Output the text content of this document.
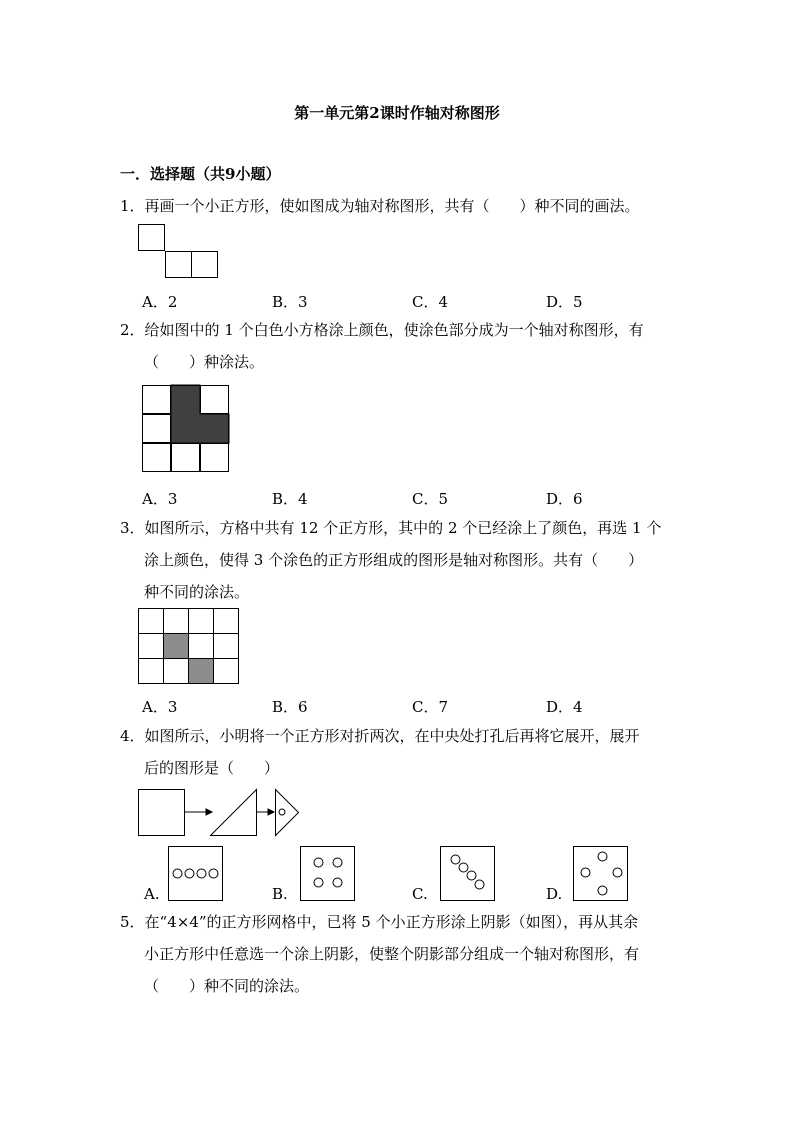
第一单元第2课时作轴对称图形
一．选择题（共9小题）
1．再画一个小正方形，使如图成为轴对称图形，共有（　　）种不同的画法。
A．2	B．3	C．4	D．5
2．给如图中的 1 个白色小方格涂上颜色，使涂色部分成为一个轴对称图形，有
（　　）种涂法。
A．3	B．4	C．5	D．6
3．如图所示，方格中共有 12 个正方形，其中的 2 个已经涂上了颜色，再选 1 个
涂上颜色，使得 3 个涂色的正方形组成的图形是轴对称图形。共有（　　）
种不同的涂法。
A．3	B．6	C．7	D．4
4．如图所示，小明将一个正方形对折两次，在中央处打孔后再将它展开，展开
后的图形是（　　）
A.	B.	C.	D.
5．在“4×4”的正方形网格中，已将 5 个小正方形涂上阴影（如图），再从其余
小正方形中任意选一个涂上阴影，使整个阴影部分组成一个轴对称图形，有
（　　）种不同的涂法。
